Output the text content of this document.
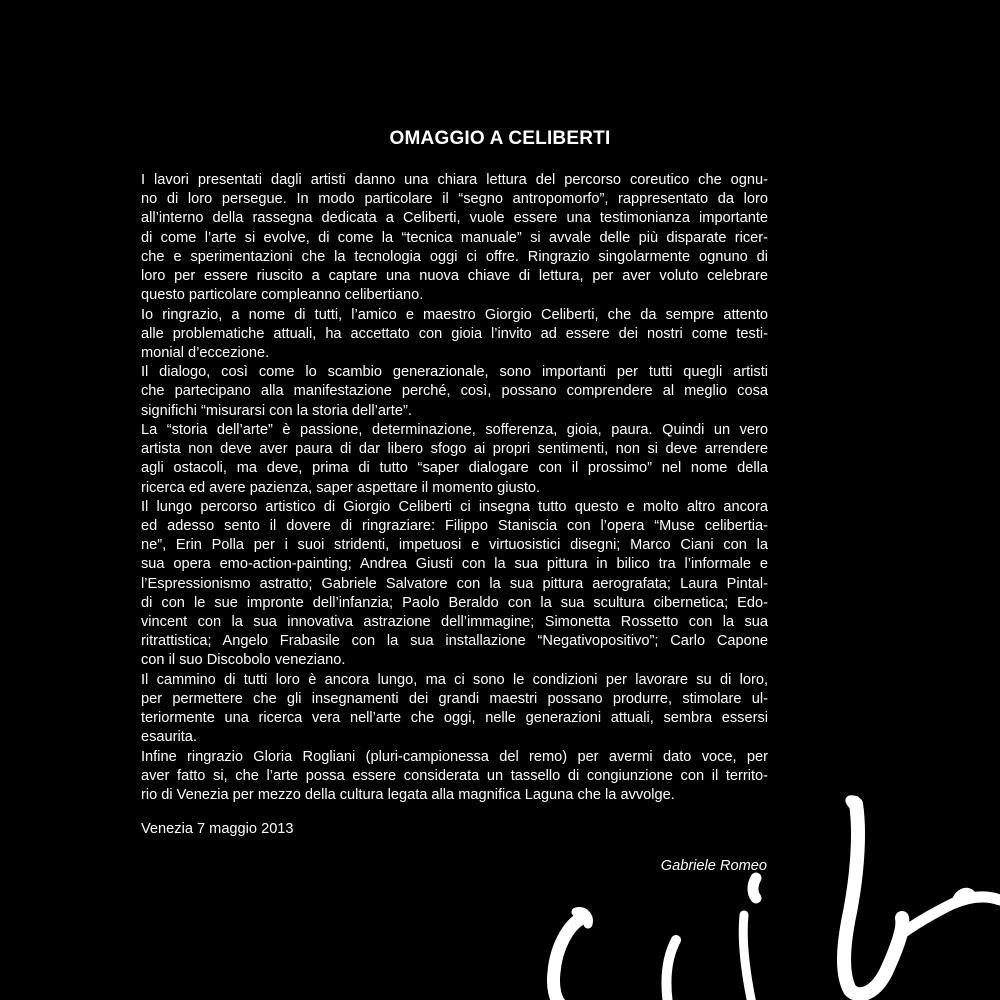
OMAGGIO A CELIBERTI
I lavori presentati dagli artisti danno una chiara lettura del percorso coreutico che ognu-
no di loro persegue. In modo particolare il “segno antropomorfo”, rappresentato da loro
all’interno della rassegna dedicata a Celiberti, vuole essere una testimonianza importante
di come l’arte si evolve, di come la “tecnica manuale” si avvale delle più disparate ricer-
che e sperimentazioni che la tecnologia oggi ci offre. Ringrazio singolarmente ognuno di
loro per essere riuscito a captare una nuova chiave di lettura, per aver voluto celebrare
questo particolare compleanno celibertiano.
Io ringrazio, a nome di tutti, l’amico e maestro Giorgio Celiberti, che da sempre attento
alle problematiche attuali, ha accettato con gioia l’invito ad essere dei nostri come testi-
monial d’eccezione.
Il dialogo, così come lo scambio generazionale, sono importanti per tutti quegli artisti
che partecipano alla manifestazione perché, così, possano comprendere al meglio cosa
significhi “misurarsi con la storia dell’arte”.
La “storia dell’arte” è passione, determinazione, sofferenza, gioia, paura. Quindi un vero
artista non deve aver paura di dar libero sfogo ai propri sentimenti, non si deve arrendere
agli ostacoli, ma deve, prima di tutto “saper dialogare con il prossimo” nel nome della
ricerca ed avere pazienza, saper aspettare il momento giusto.
Il lungo percorso artistico di Giorgio Celiberti ci insegna tutto questo e molto altro ancora
ed adesso sento il dovere di ringraziare: Filippo Staniscia con l’opera “Muse celibertia-
ne”, Erin Polla per i suoi stridenti, impetuosi e virtuosistici disegni; Marco Ciani con la
sua opera emo-action-painting; Andrea Giusti con la sua pittura in bilico tra l’informale e
l’Espressionismo astratto; Gabriele Salvatore con la sua pittura aerografata; Laura Pintal-
di con le sue impronte dell’infanzia; Paolo Beraldo con la sua scultura cibernetica; Edo-
vincent con la sua innovativa astrazione dell’immagine; Simonetta Rossetto con la sua
ritrattistica; Angelo Frabasile con la sua installazione “Negativopositivo”; Carlo Capone
con il suo Discobolo veneziano.
Il cammino di tutti loro è ancora lungo, ma ci sono le condizioni per lavorare su di loro,
per permettere che gli insegnamenti dei grandi maestri possano produrre, stimolare ul-
teriormente una ricerca vera nell’arte che oggi, nelle generazioni attuali, sembra essersi
esaurita.
Infine ringrazio Gloria Rogliani (pluri-campionessa del remo) per avermi dato voce, per
aver fatto si, che l’arte possa essere considerata un tassello di congiunzione con il territo-
rio di Venezia per mezzo della cultura legata alla magnifica Laguna che la avvolge.
Venezia 7 maggio 2013
Gabriele Romeo
